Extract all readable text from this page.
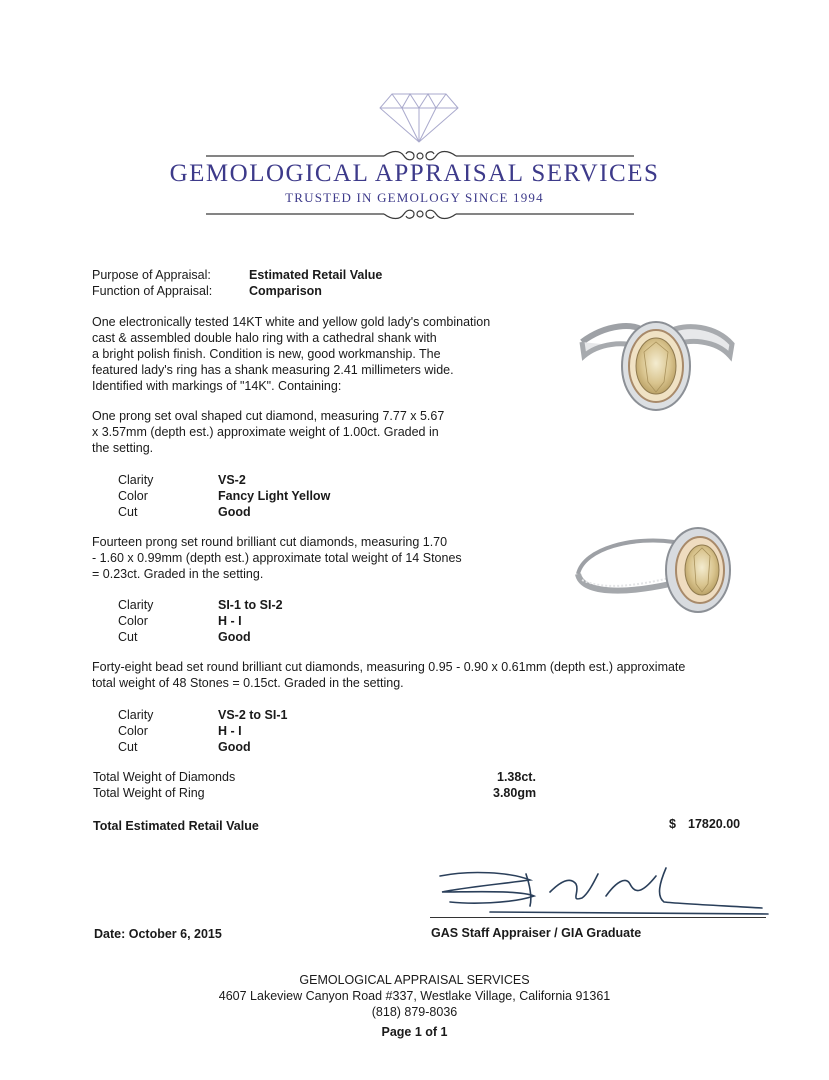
GEMOLOGICAL APPRAISAL SERVICES
TRUSTED IN GEMOLOGY SINCE 1994
Purpose of Appraisal:	Estimated Retail Value
Function of Appraisal:	Comparison
One electronically tested 14KT white and yellow gold lady's combination
cast & assembled double halo ring with a cathedral shank with
a bright polish finish. Condition is new, good workmanship. The
featured lady's ring has a shank measuring 2.41 millimeters wide.
Identified with markings of "14K". Containing:
One prong set oval shaped cut diamond, measuring 7.77 x 5.67
x 3.57mm (depth est.) approximate weight of 1.00ct. Graded in
the setting.
Clarity	VS-2
Color	Fancy Light Yellow
Cut	Good
Fourteen prong set round brilliant cut diamonds, measuring 1.70
- 1.60 x 0.99mm (depth est.) approximate total weight of 14 Stones
= 0.23ct. Graded in the setting.
Clarity	SI-1 to SI-2
Color	H - I
Cut	Good
Forty-eight bead set round brilliant cut diamonds, measuring 0.95 - 0.90 x 0.61mm (depth est.) approximate
total weight of 48 Stones = 0.15ct. Graded in the setting.
Clarity	VS-2 to SI-1
Color	H - I
Cut	Good
Total Weight of Diamonds	1.38ct.
Total Weight of Ring	3.80gm
Total Estimated Retail Value	$ 17820.00
Date: October 6, 2015	GAS Staff Appraiser / GIA Graduate
GEMOLOGICAL APPRAISAL SERVICES
4607 Lakeview Canyon Road #337, Westlake Village, California 91361
(818) 879-8036
Page 1 of 1
